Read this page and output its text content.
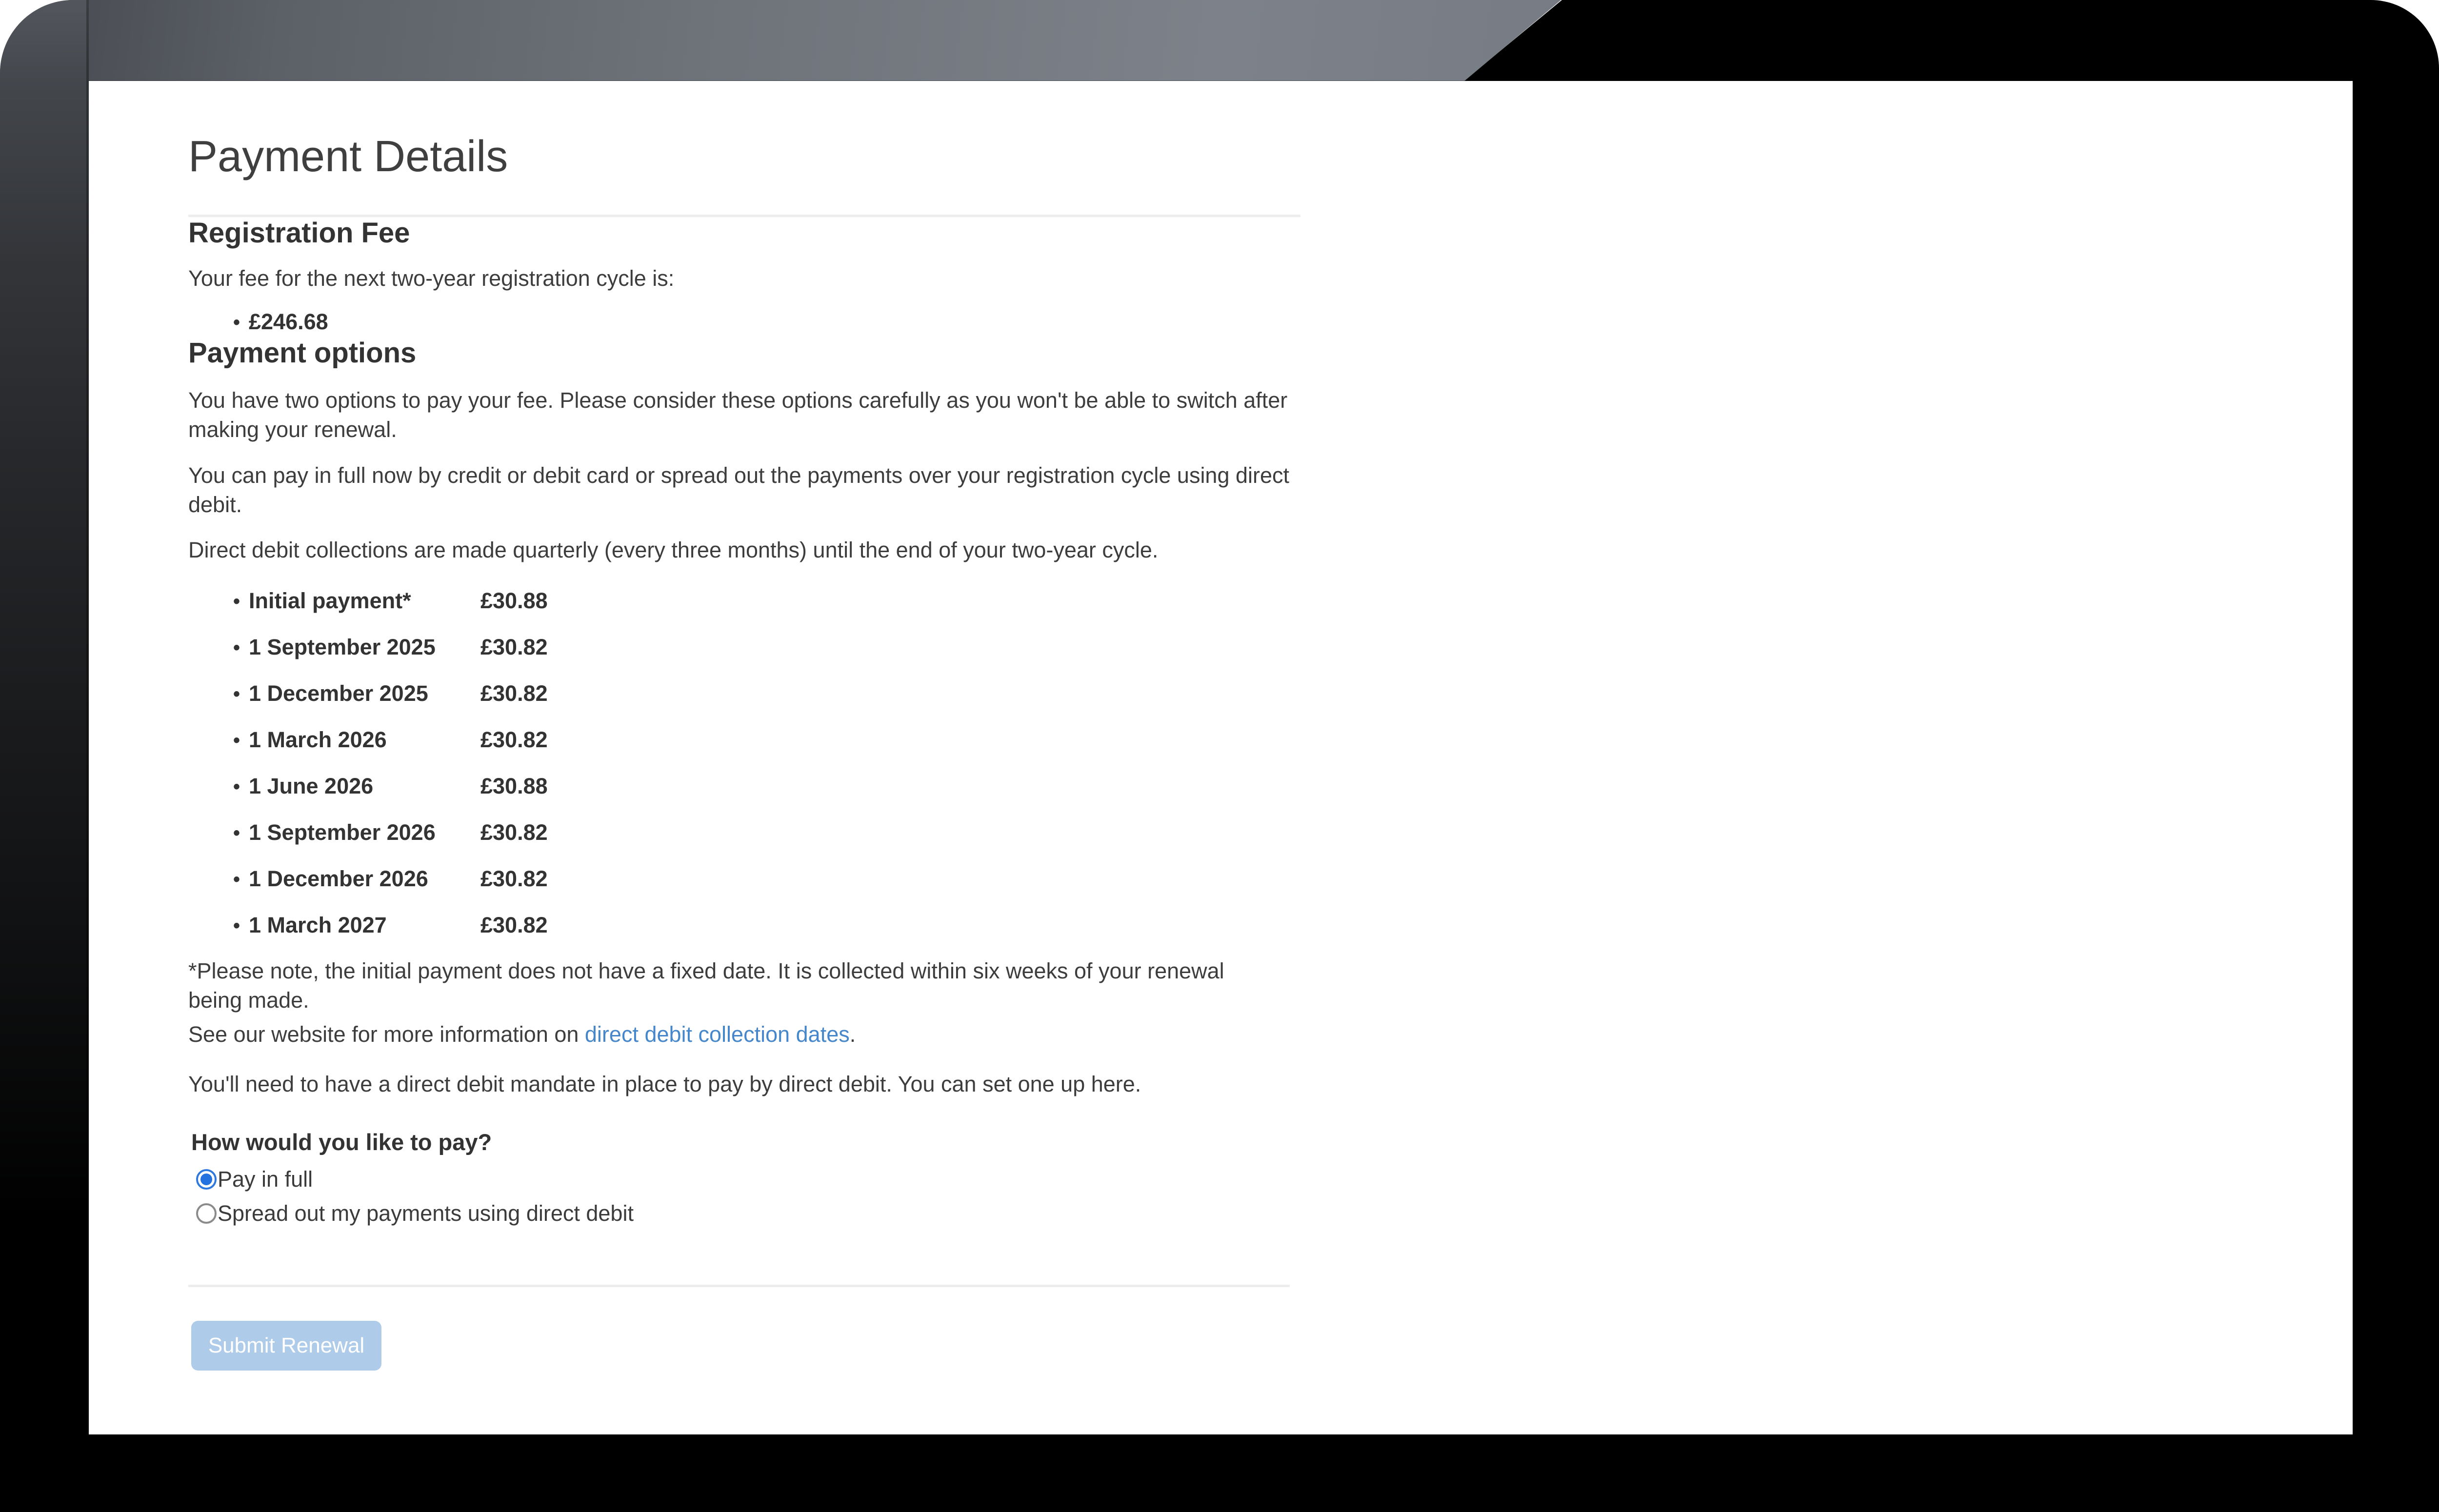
Payment Details
Registration Fee

Your fee for the next two-year registration cycle is:

•
£246.68
Payment options
You have two options to pay your fee. Please consider these options carefully as you won't be able to switch after
making your renewal.
You can pay in full now by credit or debit card or spread out the payments over your registration cycle using direct
debit.
Direct debit collections are made quarterly (every three months) until the end of your two-year cycle.
•
Initial payment*	£30.88
•
1 September 2025	£30.82
•
1 December 2025	£30.82
•
1 March 2026	£30.82
•
1 June 2026	£30.88
•
1 September 2026	£30.82
•
1 December 2026	£30.82
•
1 March 2027	£30.82
*Please note, the initial payment does not have a fixed date. It is collected within six weeks of your renewal
being made.

See our website for more information on direct debit collection dates.

You'll need to have a direct debit mandate in place to pay by direct debit. You can set one up here.

How would you like to pay?
Pay in full
Spread out my payments using direct debit
Submit Renewal
